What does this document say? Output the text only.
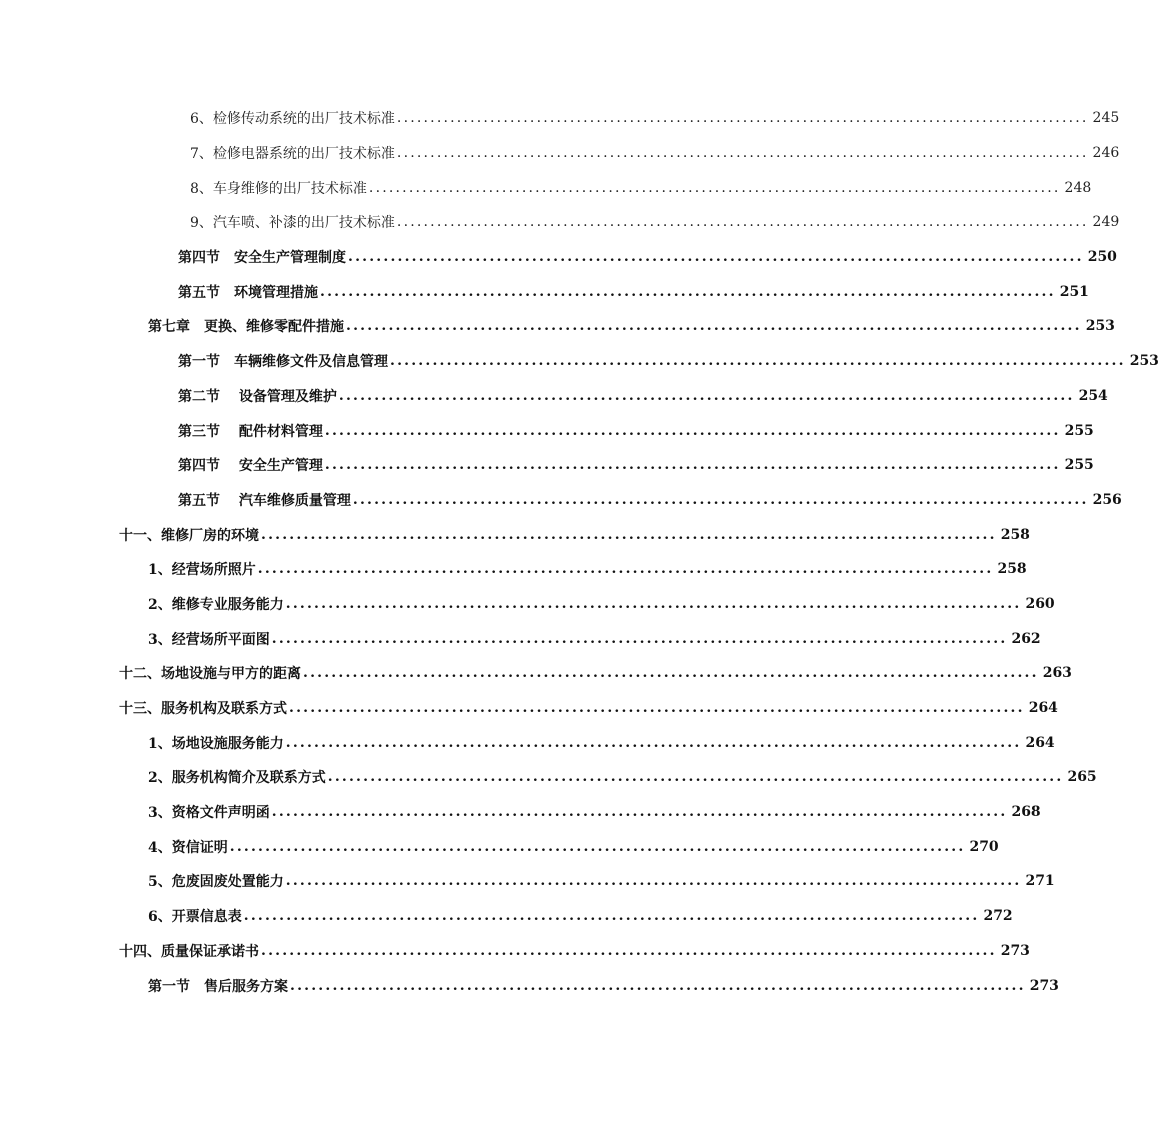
6、检修传动系统的出厂技术标准 ........................................................................................................ 245
7、检修电器系统的出厂技术标准 ........................................................................................................ 246
8、车身维修的出厂技术标准 ........................................................................................................ 248
9、汽车喷、补漆的出厂技术标准 ........................................................................................................ 249
第四节　安全生产管理制度 ........................................................................................................ 250
第五节　环境管理措施 ........................................................................................................ 251
第七章　更换、维修零配件措施 ........................................................................................................ 253
第一节　车辆维修文件及信息管理 ........................................................................................................ 253
第二节　 设备管理及维护 ........................................................................................................ 254
第三节　 配件材料管理 ........................................................................................................ 255
第四节　 安全生产管理 ........................................................................................................ 255
第五节　 汽车维修质量管理 ........................................................................................................ 256
十一、维修厂房的环境 ........................................................................................................ 258
1、经营场所照片 ........................................................................................................ 258
2、维修专业服务能力 ........................................................................................................ 260
3、经营场所平面图 ........................................................................................................ 262
十二、场地设施与甲方的距离 ........................................................................................................ 263
十三、服务机构及联系方式 ........................................................................................................ 264
1、场地设施服务能力 ........................................................................................................ 264
2、服务机构简介及联系方式 ........................................................................................................ 265
3、资格文件声明函 ........................................................................................................ 268
4、资信证明 ........................................................................................................ 270
5、危废固废处置能力 ........................................................................................................ 271
6、开票信息表 ........................................................................................................ 272
十四、质量保证承诺书 ........................................................................................................ 273
第一节　售后服务方案 ........................................................................................................ 273
